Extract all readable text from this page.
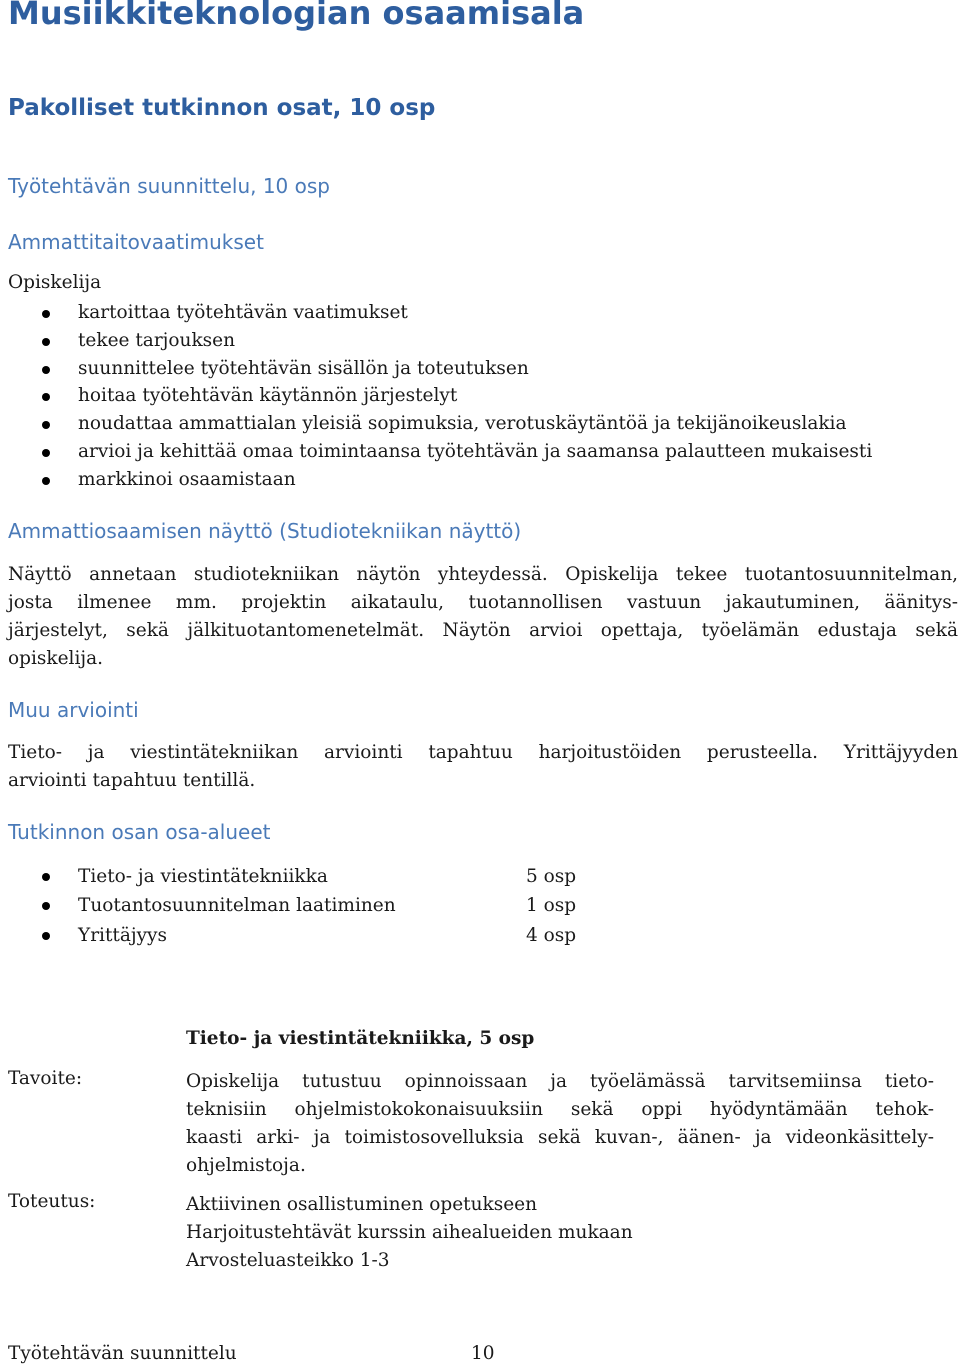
Musiikkiteknologian osaamisala
Pakolliset tutkinnon osat, 10 osp
Työtehtävän suunnittelu, 10 osp
Ammattitaitovaatimukset
Opiskelija
kartoittaa työtehtävän vaatimukset
tekee tarjouksen
suunnittelee työtehtävän sisällön ja toteutuksen
hoitaa työtehtävän käytännön järjestelyt
noudattaa ammattialan yleisiä sopimuksia, verotuskäytäntöä ja tekijänoikeuslakia
arvioi ja kehittää omaa toimintaansa työtehtävän ja saamansa palautteen mukaisesti
markkinoi osaamistaan
Ammattiosaamisen näyttö (Studiotekniikan näyttö)
Näyttö annetaan studiotekniikan näytön yhteydessä. Opiskelija tekee tuotantosuunnitelman,
josta ilmenee mm. projektin aikataulu, tuotannollisen vastuun jakautuminen, äänitys-
järjestelyt, sekä jälkituotantomenetelmät. Näytön arvioi opettaja, työelämän edustaja sekä
opiskelija.
Muu arviointi
Tieto- ja viestintätekniikan arviointi tapahtuu harjoitustöiden perusteella. Yrittäjyyden
arviointi tapahtuu tentillä.
Tutkinnon osan osa-alueet
Tieto- ja viestintätekniikka	5 osp
Tuotantosuunnitelman laatiminen	1 osp
Yrittäjyys	4 osp
Tieto- ja viestintätekniikka, 5 osp
Tavoite:	Opiskelija tutustuu opinnoissaan ja työelämässä tarvitsemiinsa tieto-
teknisiin ohjelmistokokonaisuuksiin sekä oppi hyödyntämään tehok-
kaasti arki- ja toimistosovelluksia sekä kuvan-, äänen- ja videonkäsittely-
ohjelmistoja.
Toteutus:	Aktiivinen osallistuminen opetukseen
Harjoitustehtävät kurssin aihealueiden mukaan
Arvosteluasteikko 1-3
Työtehtävän suunnittelu	10
